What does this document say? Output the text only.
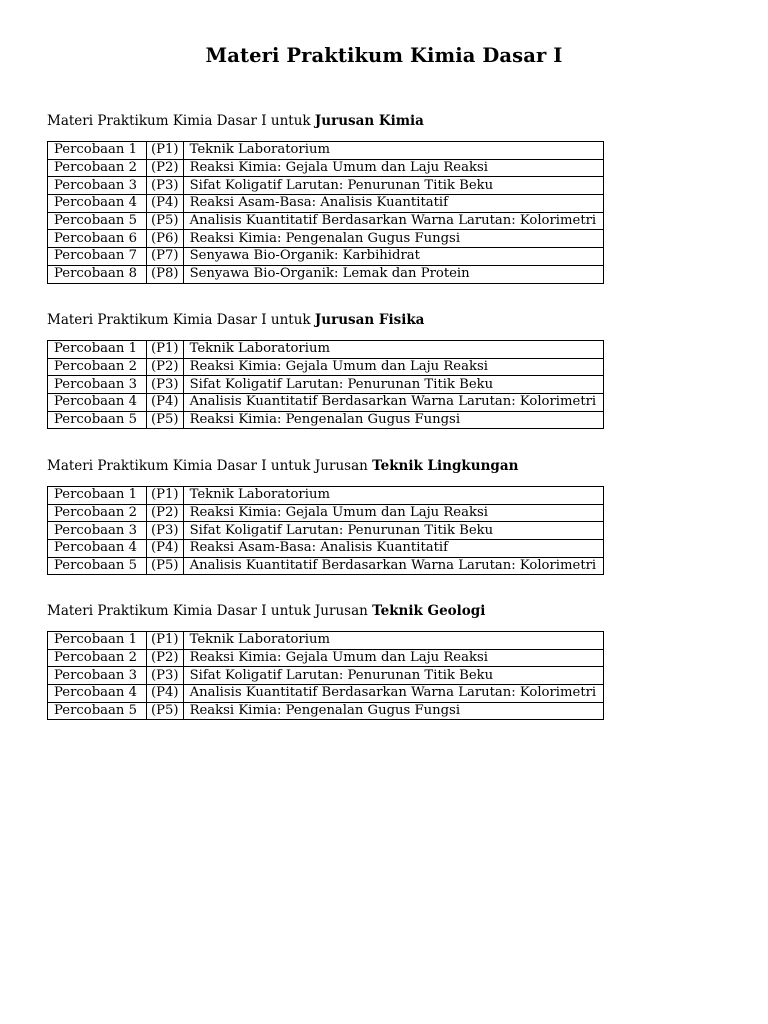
Materi Praktikum Kimia Dasar I
Materi Praktikum Kimia Dasar I untuk Jurusan Kimia
Percobaan 1	(P1)	Teknik Laboratorium
Percobaan 2	(P2)	Reaksi Kimia: Gejala Umum dan Laju Reaksi
Percobaan 3	(P3)	Sifat Koligatif Larutan: Penurunan Titik Beku
Percobaan 4	(P4)	Reaksi Asam-Basa: Analisis Kuantitatif
Percobaan 5	(P5)	Analisis Kuantitatif Berdasarkan Warna Larutan: Kolorimetri
Percobaan 6	(P6)	Reaksi Kimia: Pengenalan Gugus Fungsi
Percobaan 7	(P7)	Senyawa Bio-Organik: Karbihidrat
Percobaan 8	(P8)	Senyawa Bio-Organik: Lemak dan Protein
Materi Praktikum Kimia Dasar I untuk Jurusan Fisika
Percobaan 1	(P1)	Teknik Laboratorium
Percobaan 2	(P2)	Reaksi Kimia: Gejala Umum dan Laju Reaksi
Percobaan 3	(P3)	Sifat Koligatif Larutan: Penurunan Titik Beku
Percobaan 4	(P4)	Analisis Kuantitatif Berdasarkan Warna Larutan: Kolorimetri
Percobaan 5	(P5)	Reaksi Kimia: Pengenalan Gugus Fungsi
Materi Praktikum Kimia Dasar I untuk Jurusan Teknik Lingkungan
Percobaan 1	(P1)	Teknik Laboratorium
Percobaan 2	(P2)	Reaksi Kimia: Gejala Umum dan Laju Reaksi
Percobaan 3	(P3)	Sifat Koligatif Larutan: Penurunan Titik Beku
Percobaan 4	(P4)	Reaksi Asam-Basa: Analisis Kuantitatif
Percobaan 5	(P5)	Analisis Kuantitatif Berdasarkan Warna Larutan: Kolorimetri
Materi Praktikum Kimia Dasar I untuk Jurusan Teknik Geologi
Percobaan 1	(P1)	Teknik Laboratorium
Percobaan 2	(P2)	Reaksi Kimia: Gejala Umum dan Laju Reaksi
Percobaan 3	(P3)	Sifat Koligatif Larutan: Penurunan Titik Beku
Percobaan 4	(P4)	Analisis Kuantitatif Berdasarkan Warna Larutan: Kolorimetri
Percobaan 5	(P5)	Reaksi Kimia: Pengenalan Gugus Fungsi
